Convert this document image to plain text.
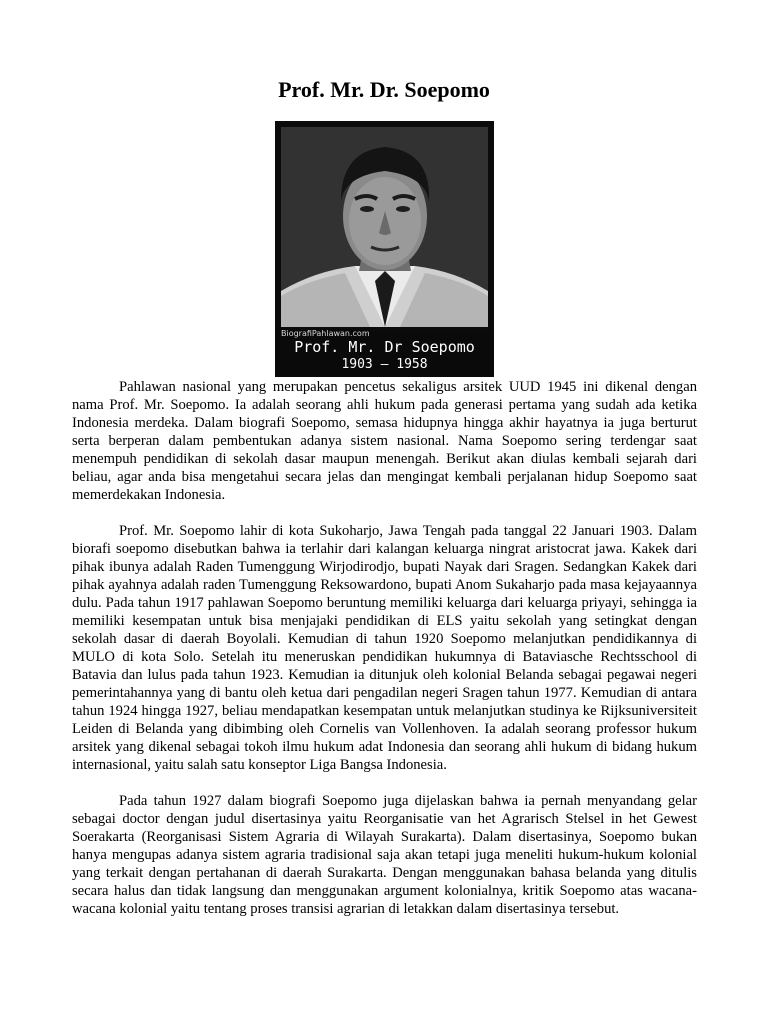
Prof. Mr. Dr. Soepomo
BiografiPahlawan.com
Prof. Mr. Dr Soepomo
1903 – 1958

Pahlawan nasional yang merupakan pencetus sekaligus arsitek UUD 1945 ini dikenal dengan nama Prof. Mr. Soepomo. Ia adalah seorang ahli hukum pada generasi pertama yang sudah ada ketika Indonesia merdeka. Dalam biografi Soepomo, semasa hidupnya hingga akhir hayatnya ia juga berturut serta berperan dalam pembentukan adanya sistem nasional. Nama Soepomo sering terdengar saat menempuh pendidikan di sekolah dasar maupun menengah. Berikut akan diulas kembali sejarah dari beliau, agar anda bisa mengetahui secara jelas dan mengingat kembali perjalanan hidup Soepomo saat memerdekakan Indonesia.

Prof. Mr. Soepomo lahir di kota Sukoharjo, Jawa Tengah pada tanggal 22 Januari 1903. Dalam biorafi soepomo disebutkan bahwa ia terlahir dari kalangan keluarga ningrat aristocrat jawa. Kakek dari pihak ibunya adalah Raden Tumenggung Wirjodirodjo, bupati Nayak dari Sragen. Sedangkan Kakek dari pihak ayahnya adalah raden Tumenggung Reksowardono, bupati Anom Sukaharjo pada masa kejayaannya dulu. Pada tahun 1917 pahlawan Soepomo beruntung memiliki keluarga dari keluarga priyayi, sehingga ia memiliki kesempatan untuk bisa menjajaki pendidikan di ELS yaitu sekolah yang setingkat dengan sekolah dasar di daerah Boyolali. Kemudian di tahun 1920 Soepomo melanjutkan pendidikannya di MULO di kota Solo. Setelah itu meneruskan pendidikan hukumnya di Bataviasche Rechtsschool di Batavia dan lulus pada tahun 1923. Kemudian ia ditunjuk oleh kolonial Belanda sebagai pegawai negeri pemerintahannya yang di bantu oleh ketua dari pengadilan negeri Sragen tahun 1977. Kemudian di antara tahun 1924 hingga 1927, beliau mendapatkan kesempatan untuk melanjutkan studinya ke Rijksuniversiteit Leiden di Belanda yang dibimbing oleh Cornelis van Vollenhoven. Ia adalah seorang professor hukum arsitek yang dikenal sebagai tokoh ilmu hukum adat Indonesia dan seorang ahli hukum di bidang hukum internasional, yaitu salah satu konseptor Liga Bangsa Indonesia.

Pada tahun 1927 dalam biografi Soepomo juga dijelaskan bahwa ia pernah menyandang gelar sebagai doctor dengan judul disertasinya yaitu Reorganisatie van het Agrarisch Stelsel in het Gewest Soerakarta (Reorganisasi Sistem Agraria di Wilayah Surakarta). Dalam disertasinya, Soepomo bukan hanya mengupas adanya sistem agraria tradisional saja akan tetapi juga meneliti hukum-hukum kolonial yang terkait dengan pertahanan di daerah Surakarta. Dengan menggunakan bahasa belanda yang ditulis secara halus dan tidak langsung dan menggunakan argument kolonialnya, kritik Soepomo atas wacana-wacana kolonial yaitu tentang proses transisi agrarian di letakkan dalam disertasinya tersebut.
